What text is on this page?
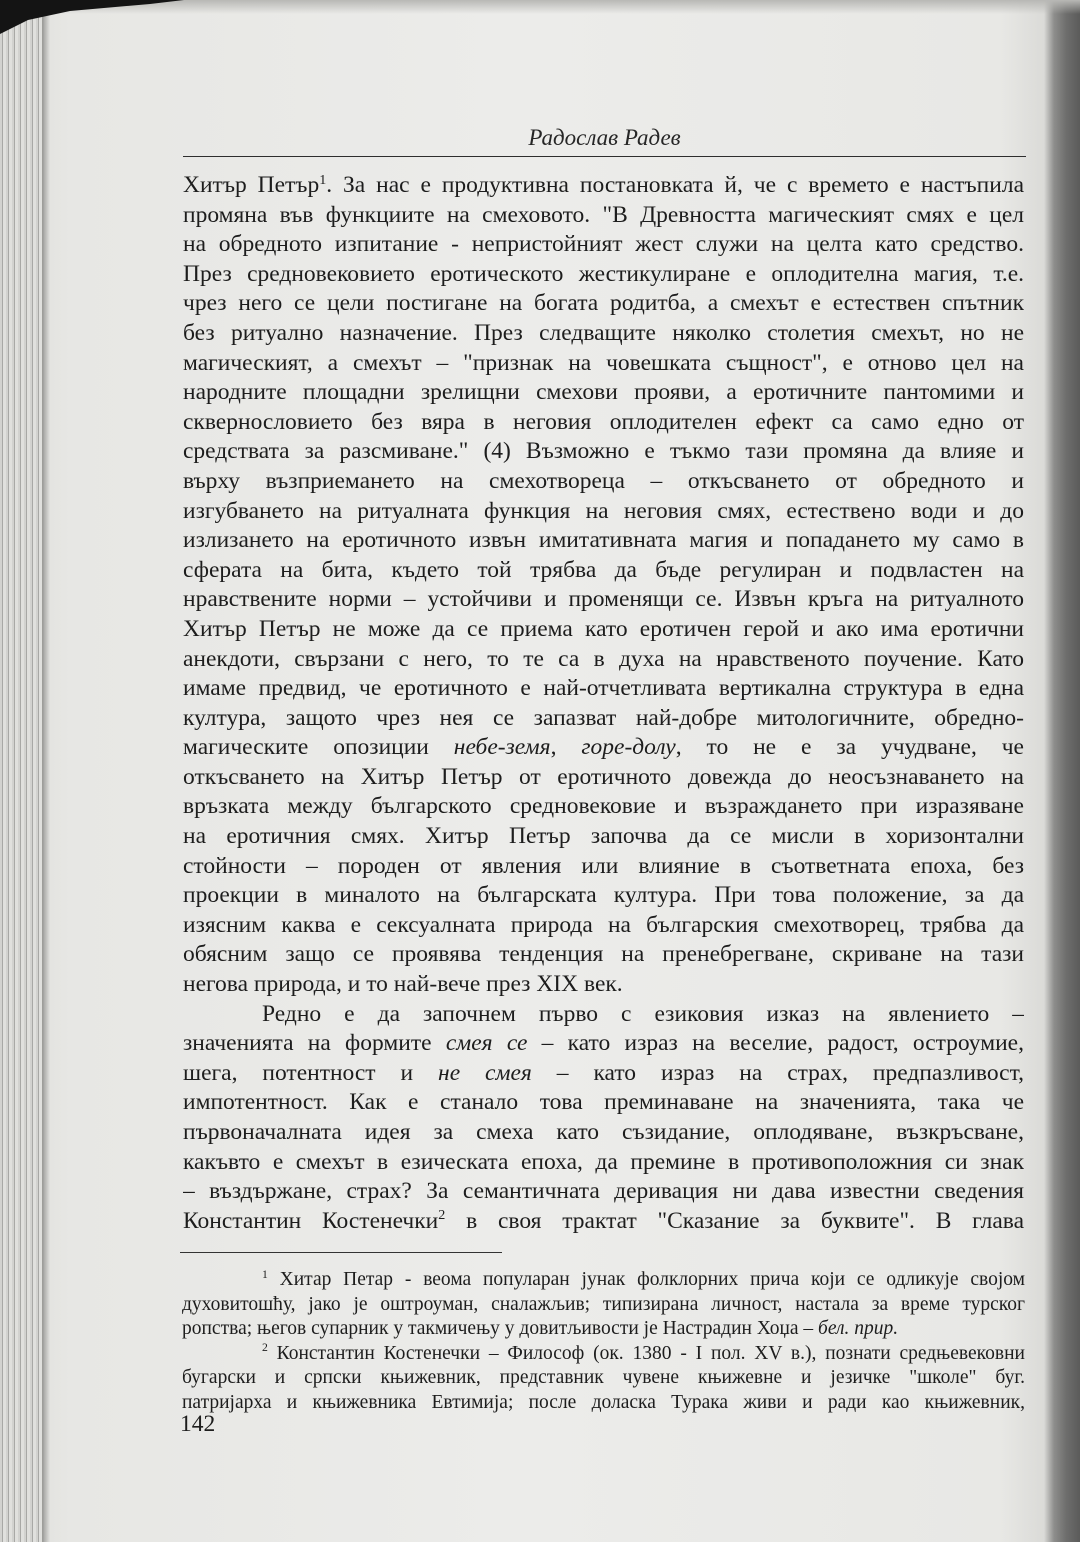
Радослав Радев
Хитър Петър$^1$. За нас е продуктивна постановката й, че с времето е настъпила
промяна във функциите на смеховото. "В Древността магическият смях е цел
на обредното изпитание - непристойният жест служи на целта като средство.
През средновековието еротическото жестикулиране е оплодителна магия, т.е.
чрез него се цели постигане на богата родитба, а смехът е естествен спътник
без ритуално назначение. През следващите няколко столетия смехът, но не
магическият, а смехът – "признак на човешката същност", е отново цел на
народните площадни зрелищни смехови прояви, а еротичните пантомими и
сквернословието без вяра в неговия оплодителен ефект са само едно от
средствата за разсмиване." (4) Възможно е тъкмо тази промяна да влияе и
върху възприемането на смехотвореца – откъсването от обредното и
изгубването на ритуалната функция на неговия смях, естествено води и до
излизането на еротичното извън имитативната магия и попадането му само в
сферата на бита, където той трябва да бъде регулиран и подвластен на
нравствените норми – устойчиви и променящи се. Извън кръга на ритуалното
Хитър Петър не може да се приема като еротичен герой и ако има еротични
анекдоти, свързани с него, то те са в духа на нравственото поучение. Като
имаме предвид, че еротичното е най-отчетливата вертикална структура в една
култура, защото чрез нея се запазват най-добре митологичните, обредно-
магическите опозиции небе-земя, горе-долу, то не е за учудване, че
откъсването на Хитър Петър от еротичното довежда до неосъзнаването на
връзката между българското средновековие и възраждането при изразяване
на еротичния смях. Хитър Петър започва да се мисли в хоризонтални
стойности – породен от явления или влияние в съответната епоха, без
проекции в миналото на българската култура. При това положение, за да
изясним каква е сексуалната природа на българския смехотворец, трябва да
обясним защо се проявява тенденция на пренебрегване, скриване на тази
негова природа, и то най-вече през XIX век.
Редно е да започнем първо с езиковия изказ на явлението –
значенията на формите смея се – като израз на веселие, радост, остроумие,
шега, потентност и не смея – като израз на страх, предпазливост,
импотентност. Как е станало това преминаване на значенията, така че
първоначалната идея за смеха като съзидание, оплодяване, възкръсване,
какъвто е смехът в езическата епоха, да премине в противоположния си знак
– въздържане, страх? За семантичната деривация ни дава известни сведения
Константин Костенечки$^2$ в своя трактат "Сказание за буквите". В глава
$^1$ Хитар Петар - веома популаран јунак фолклорних прича који се одликује својом
духовитошћу, јако је оштроуман, сналажљив; типизирана личност, настала за време турског
ропства; његов супарник у такмичењу у довитљивости је Настрадин Хоџа – бел. прир.
$^2$ Константин Костенечки – Философ (ок. 1380 - I пол. XV в.), познати средњевековни
бугарски и српски књижевник, представник чувене књижевне и језичке "школе" буг.
патријарха и књижевника Евтимија; после доласка Турака живи и ради као књижевник,
142
